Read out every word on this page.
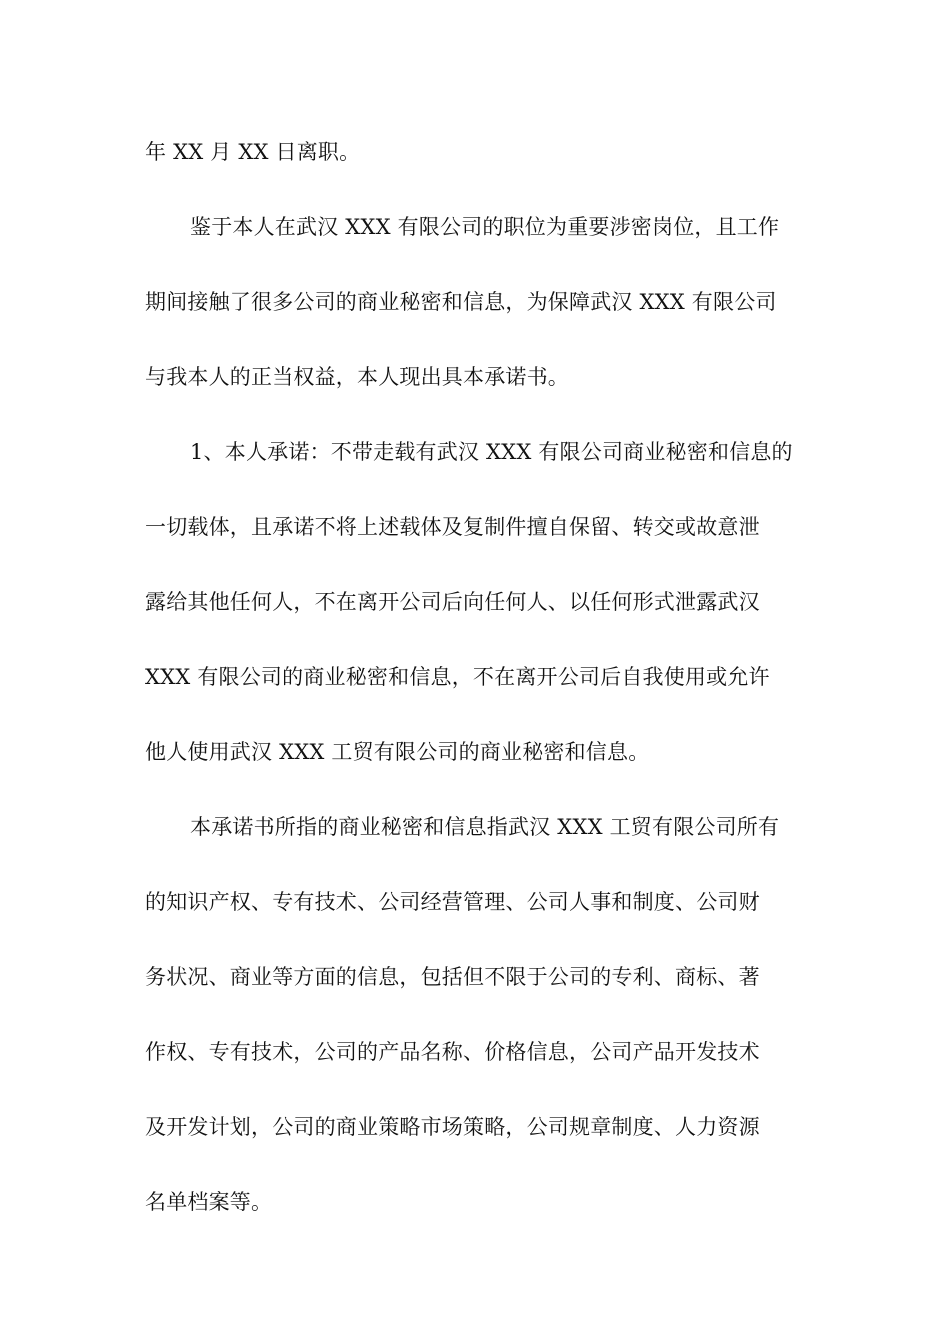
年 XX 月 XX 日离职。
鉴于本人在武汉 XXX 有限公司的职位为重要涉密岗位，且工作
期间接触了很多公司的商业秘密和信息，为保障武汉 XXX 有限公司
与我本人的正当权益，本人现出具本承诺书。
1、本人承诺：不带走载有武汉 XXX 有限公司商业秘密和信息的
一切载体，且承诺不将上述载体及复制件擅自保留、转交或故意泄
露给其他任何人，不在离开公司后向任何人、以任何形式泄露武汉
XXX 有限公司的商业秘密和信息，不在离开公司后自我使用或允许
他人使用武汉 XXX 工贸有限公司的商业秘密和信息。
本承诺书所指的商业秘密和信息指武汉 XXX 工贸有限公司所有
的知识产权、专有技术、公司经营管理、公司人事和制度、公司财
务状况、商业等方面的信息，包括但不限于公司的专利、商标、著
作权、专有技术，公司的产品名称、价格信息，公司产品开发技术
及开发计划，公司的商业策略市场策略，公司规章制度、人力资源
名单档案等。
